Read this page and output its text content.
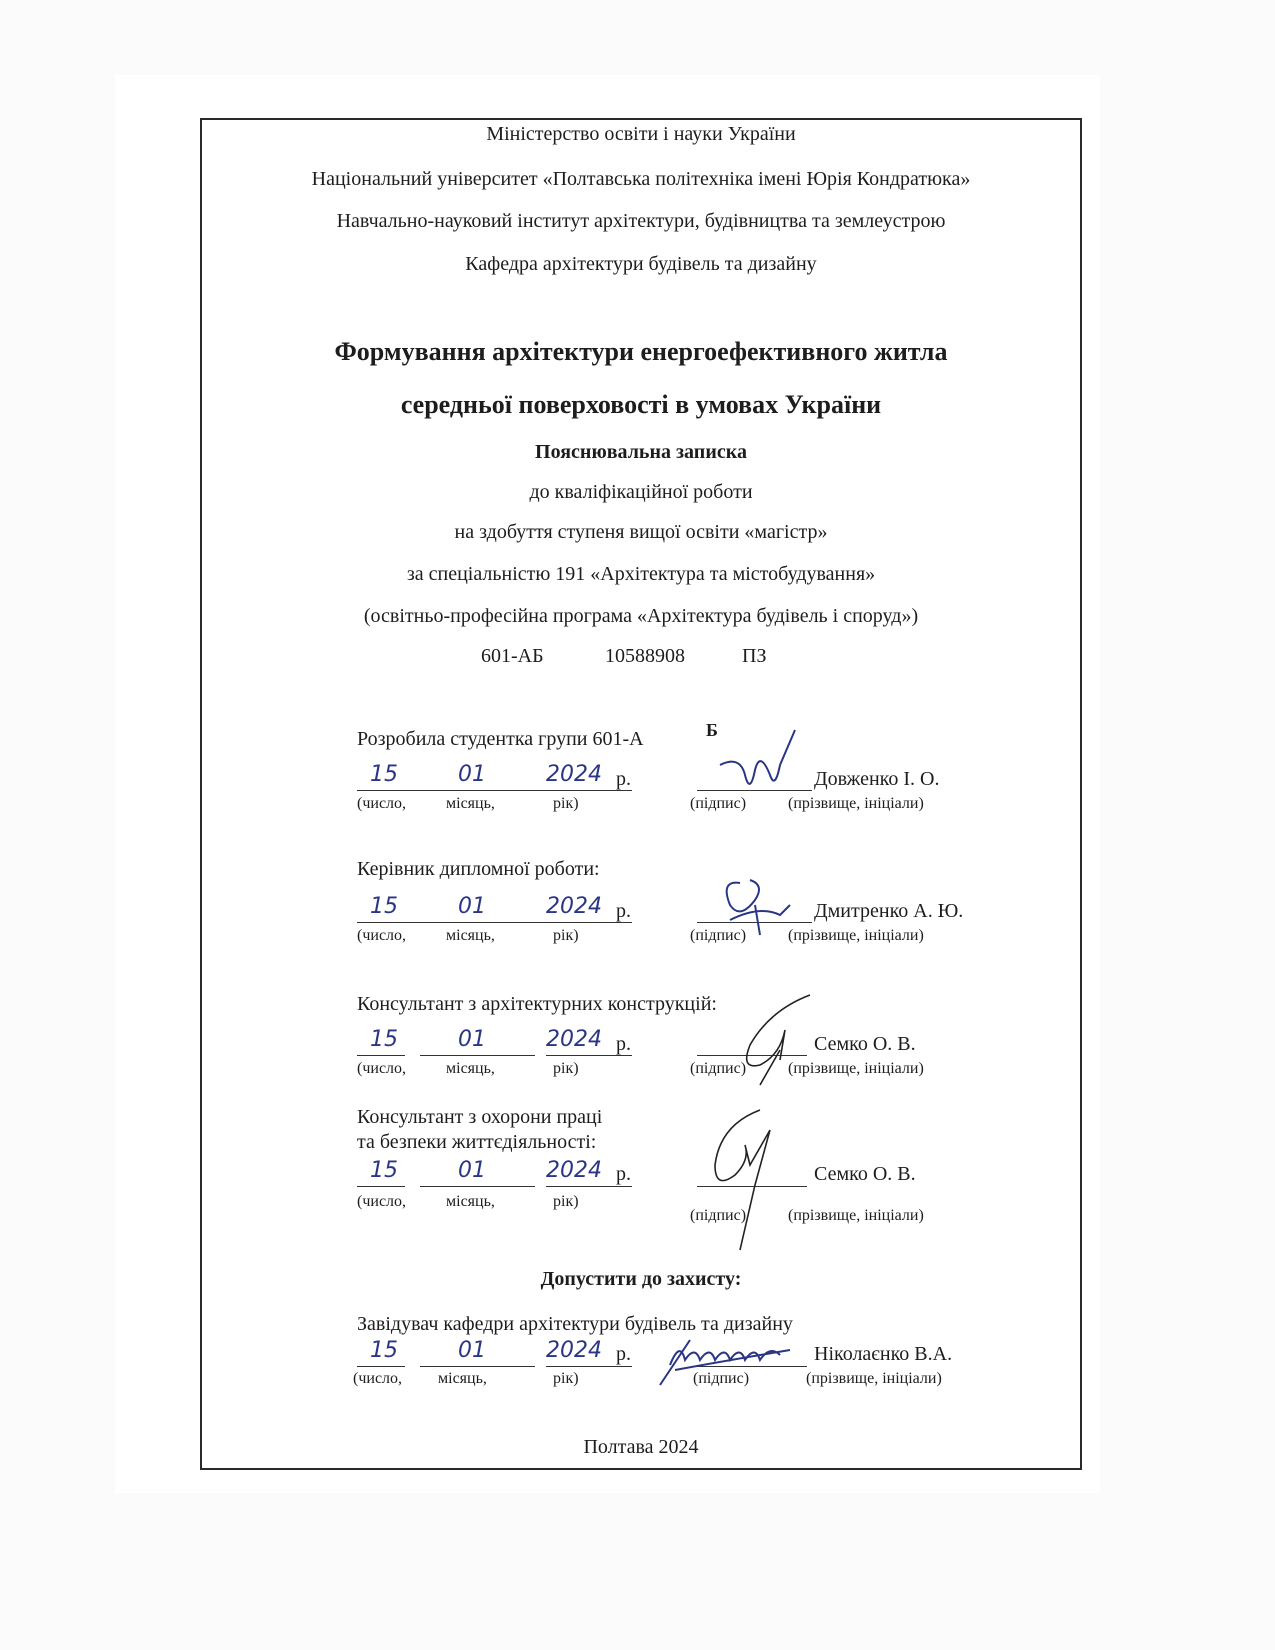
Міністерство освіти і науки України
Національний університет «Полтавська політехніка імені Юрія Кондратюка»
Навчально-науковий інститут архітектури, будівництва та землеустрою
Кафедра архітектури будівель та дизайну
Формування архітектури енергоефективного житла
середньої поверховості в умовах України
Пояснювальна записка
до кваліфікаційної роботи
на здобуття ступеня вищої освіти «магістр»
за спеціальністю 191 «Архітектура та містобудування»
(освітньо-професійна програма «Архітектура будівель і споруд»)
601-АБ	10588908	ПЗ
Розробила студентка групи 601-А	Б
15	01	2024 р.	Довженко І. О.
(число, місяць,	рік)	(підпис)	(прізвище, ініціали)
Керівник дипломної роботи:
15	01	2024 р.	Дмитренко А. Ю.
(число, місяць,	рік)	(підпис)	(прізвище, ініціали)
Консультант з архітектурних конструкцій:
15	01	2024 р.	Семко О. В.
(число, місяць,	рік)	(підпис)	(прізвище, ініціали)
Консультант з охорони праці
та безпеки життєдіяльності:
15	01	2024 р.	Семко О. В.
(число, місяць,	рік)
(підпис)	(прізвище, ініціали)
Допустити до захисту:
Завідувач кафедри архітектури будівель та дизайну
15	01	2024 р.	Ніколаєнко В.А.
(число, місяць,	рік)	(підпис)	(прізвище, ініціали)
Полтава 2024
